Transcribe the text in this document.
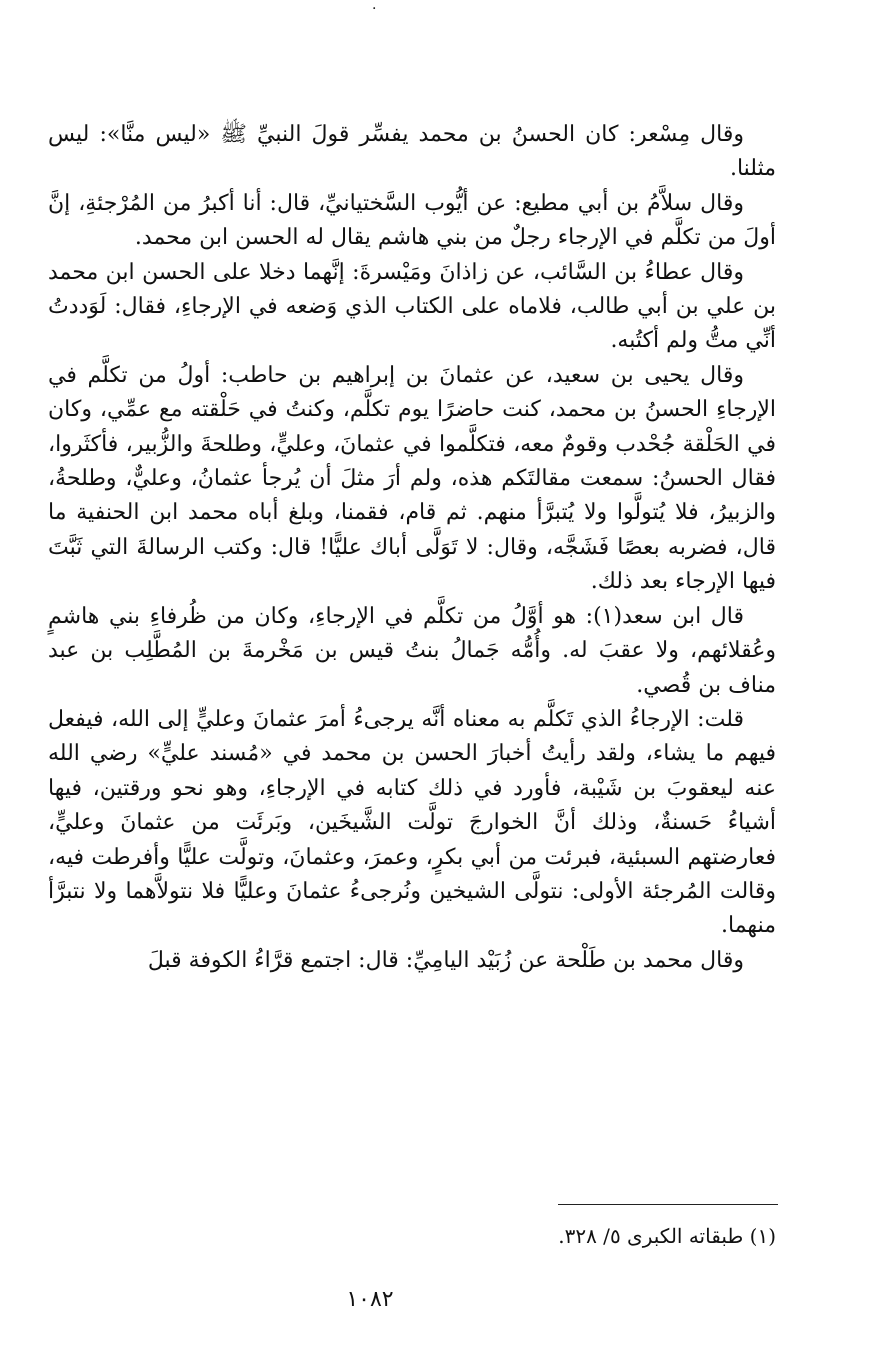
·

وقال مِسْعر: كان الحسنُ بن محمد يفسِّر قولَ النبيِّ ﷺ «ليس منَّا»: ليس مثلنا.

وقال سلاَّمُ بن أبي مطيع: عن أيُّوب السَّختيانيِّ، قال: أنا أكبرُ من المُرْجئةِ، إنَّ أولَ من تكلَّم في الإرجاء رجلٌ من بني هاشم يقال له الحسن ابن محمد.

وقال عطاءُ بن السَّائب، عن زاذانَ ومَيْسرةَ: إنَّهما دخلا على الحسن ابن محمد بن علي بن أبي طالب، فلاماه على الكتاب الذي وَضعه في الإرجاءِ، فقال: لَوَددتُ أنِّي متُّ ولم أكتُبه.

وقال يحيى بن سعيد، عن عثمانَ بن إبراهيم بن حاطب: أولُ من تكلَّم في الإرجاءِ الحسنُ بن محمد، كنت حاضرًا يوم تكلَّم، وكنتُ في حَلْقته مع عمِّي، وكان في الحَلْقة جُحْدب وقومٌ معه، فتكلَّموا في عثمانَ، وعليٍّ، وطلحةَ والزُّبير، فأكثَروا، فقال الحسنُ: سمعت مقالتَكم هذه، ولم أرَ مثلَ أن يُرجأ عثمانُ، وعليٌّ، وطلحةُ، والزبيرُ، فلا يُتولَّوا ولا يُتبرَّأ منهم. ثم قام، فقمنا، وبلغ أباه محمد ابن الحنفية ما قال، فضربه بعصًا فَشَجَّه، وقال: لا تَوَلَّى أباك عليًّا! قال: وكتب الرسالةَ التي ثَبَّتَ فيها الإرجاء بعد ذلك.

قال ابن سعد(١): هو أوَّلُ من تكلَّم في الإرجاءِ، وكان من ظُرفاءِ بني هاشمٍ وعُقلائهم، ولا عقبَ له. وأُمُّه جَمالُ بنتُ قيس بن مَخْرمةَ بن المُطَّلِب بن عبد مناف بن قُصي.

قلت: الإرجاءُ الذي تَكلَّم به معناه أنَّه يرجىءُ أمرَ عثمانَ وعليٍّ إلى الله، فيفعل فيهم ما يشاء، ولقد رأيتُ أخبارَ الحسن بن محمد في «مُسند عليٍّ» رضي الله عنه ليعقوبَ بن شَيْبة، فأورد في ذلك كتابه في الإرجاءِ، وهو نحو ورقتين، فيها أشياءُ حَسنةٌ، وذلك أنَّ الخوارجَ تولَّت الشَّيخَين، وبَرئَت من عثمانَ وعليٍّ، فعارضتهم السبئية، فبرئت من أبي بكرٍ، وعمرَ، وعثمانَ، وتولَّت عليًّا وأفرطت فيه، وقالت المُرجئة الأولى: نتولَّى الشيخين ونُرجىءُ عثمانَ وعليًّا فلا نتولاَّهما ولا نتبرَّأ منهما.

وقال محمد بن طَلْحة عن زُبَيْد اليامِيِّ: قال: اجتمع قرَّاءُ الكوفة قبلَ

(١) طبقاته الكبرى ٥/ ٣٢٨.
١٠٨٢
